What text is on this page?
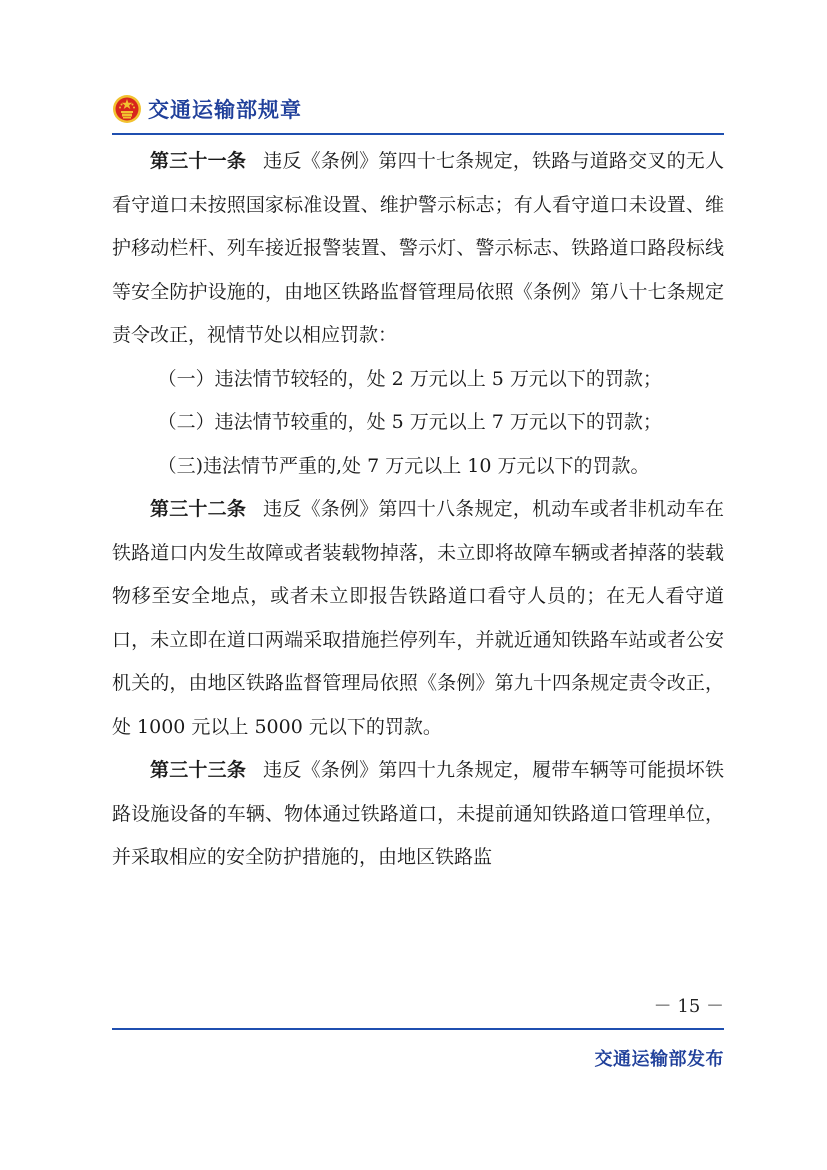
交通运输部规章

第三十一条 违反《条例》第四十七条规定，铁路与道路交叉的无人看守道口未按照国家标准设置、维护警示标志；有人看守道口未设置、维护移动栏杆、列车接近报警装置、警示灯、警示标志、铁路道口路段标线等安全防护设施的，由地区铁路监督管理局依照《条例》第八十七条规定责令改正，视情节处以相应罚款：

（一）违法情节较轻的，处 2 万元以上 5 万元以下的罚款；

（二）违法情节较重的，处 5 万元以上 7 万元以下的罚款；

（三)违法情节严重的,处 7 万元以上 10 万元以下的罚款。

第三十二条 违反《条例》第四十八条规定，机动车或者非机动车在铁路道口内发生故障或者装载物掉落，未立即将故障车辆或者掉落的装载物移至安全地点，或者未立即报告铁路道口看守人员的；在无人看守道口，未立即在道口两端采取措施拦停列车，并就近通知铁路车站或者公安机关的，由地区铁路监督管理局依照《条例》第九十四条规定责令改正，处 1000 元以上 5000 元以下的罚款。

第三十三条 违反《条例》第四十九条规定，履带车辆等可能损坏铁路设施设备的车辆、物体通过铁路道口，未提前通知铁路道口管理单位，并采取相应的安全防护措施的，由地区铁路监

－ 15 －
交通运输部发布
